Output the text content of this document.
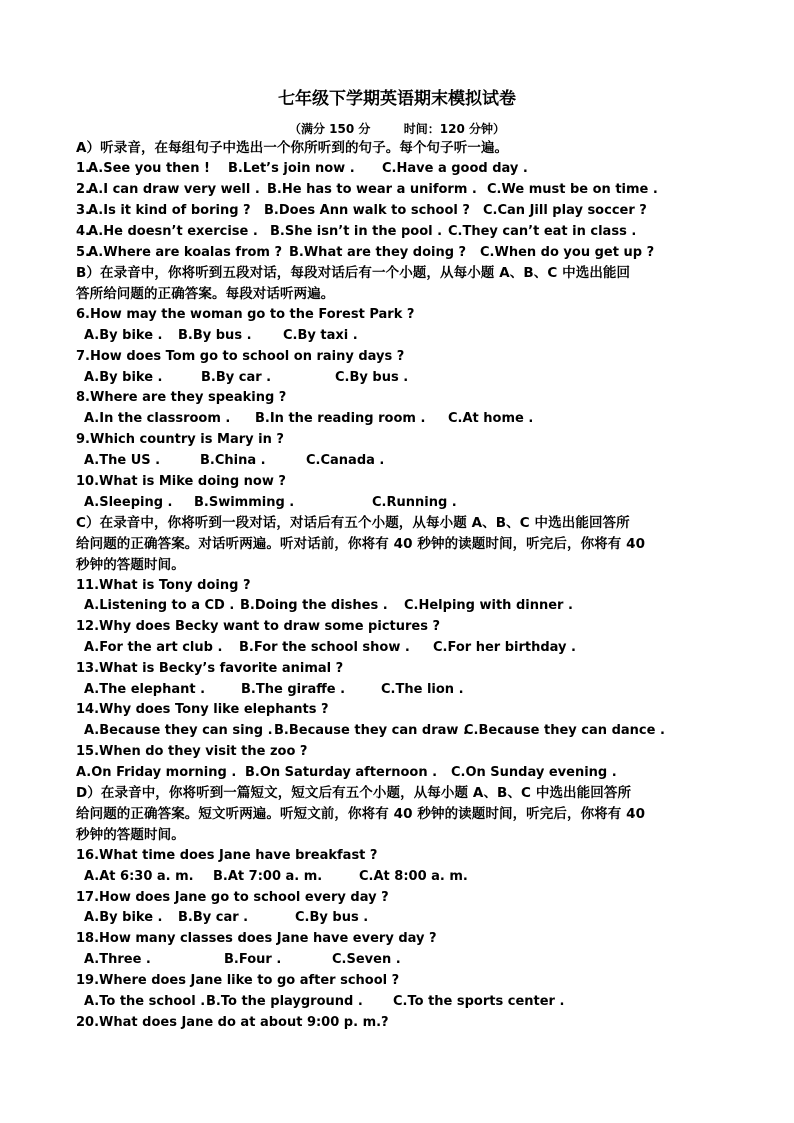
七年级下学期英语期末模拟试卷
（满分 150 分        时间：120 分钟）
A）听录音，在每组句子中选出一个你所听到的句子。每个句子听一遍。
1.
A.See you then ! B.Let’s join now . C.Have a good day .
2.
A.I can draw very well . B.He has to wear a uniform . C.We must be on time .
3.
A.Is it kind of boring ? B.Does Ann walk to school ? C.Can Jill play soccer ?
4.
A.He doesn’t exercise . B.She isn’t in the pool . C.They can’t eat in class .
5.
A.Where are koalas from ? B.What are they doing ? C.When do you get up ?
B）在录音中，你将听到五段对话，每段对话后有一个小题，从每小题 A、B、C 中选出能回
答所给问题的正确答案。每段对话听两遍。
6.How may the woman go to the Forest Park ?
A.By bike . B.By bus . C.By taxi .
7.How does Tom go to school on rainy days ?
A.By bike .	B.By car .	C.By bus .
8.Where are they speaking ?
A.In the classroom . B.In the reading room . C.At home .
9.Which country is Mary in ?
A.The US .	B.China .	C.Canada .
10.What is Mike doing now ?
A.Sleeping . B.Swimming .	C.Running .
C）在录音中，你将听到一段对话，对话后有五个小题，从每小题 A、B、C 中选出能回答所
给问题的正确答案。对话听两遍。听对话前，你将有 40 秒钟的读题时间，听完后，你将有 40
秒钟的答题时间。
11.What is Tony doing ?
A.Listening to a CD . B.Doing the dishes . C.Helping with dinner .
12.Why does Becky want to draw some pictures ?
A.For the art club . B.For the school show . C.For her birthday .
13.What is Becky’s favorite animal ?
A.The elephant .	B.The giraffe .	C.The lion .
14.Why does Tony like elephants ?
A.Because they can sing . B.Because they can draw .
C.Because they can dance .
15.When do they visit the zoo ?
A.On Friday morning . B.On Saturday afternoon . C.On Sunday evening .
D）在录音中，你将听到一篇短文，短文后有五个小题，从每小题 A、B、C 中选出能回答所
给问题的正确答案。短文听两遍。听短文前，你将有 40 秒钟的读题时间，听完后，你将有 40
秒钟的答题时间。
16.What time does Jane have breakfast ?
A.At 6:30 a. m. B.At 7:00 a. m.	C.At 8:00 a. m.
17.How does Jane go to school every day ?
A.By bike . B.By car .	C.By bus .
18.How many classes does Jane have every day ?
A.Three .	B.Four .	C.Seven .
19.Where does Jane like to go after school ?
A.To the school . B.To the playground . C.To the sports center .
20.What does Jane do at about 9:00 p. m.?
